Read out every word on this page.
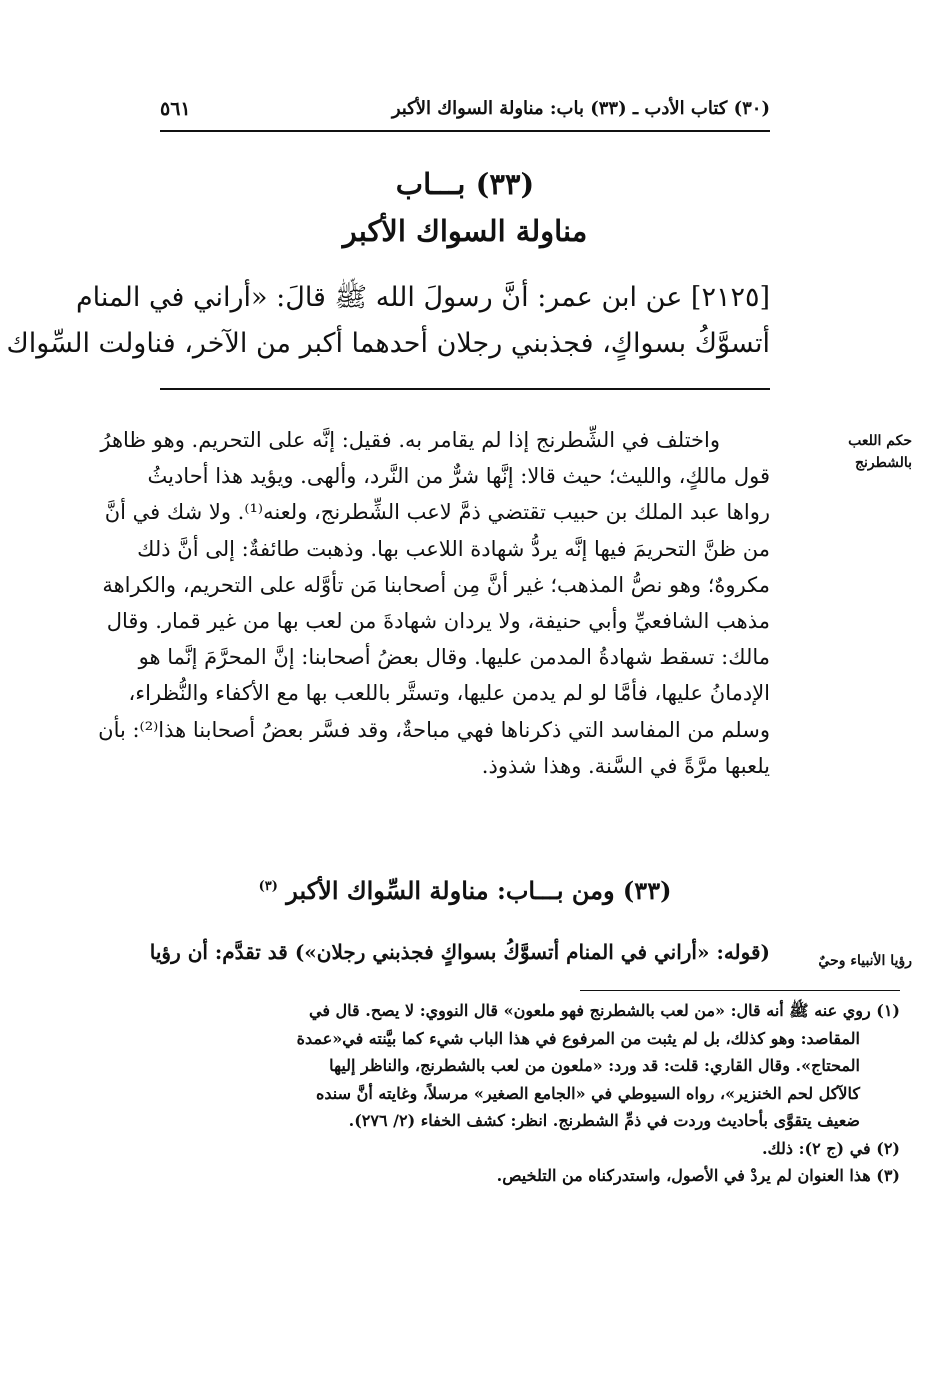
(٣٠) كتاب الأدب ـ (٣٣) باب: مناولة السواك الأكبر
٥٦١
(٣٣) بـــاب
مناولة السواك الأكبر
[٢١٢٥] عن ابن عمر: أنَّ رسولَ الله ﷺ قالَ: «أراني في المنام
أتسوَّكُ بسواكٍ، فجذبني رجلان أحدهما أكبر من الآخر، فناولت السِّواك
واختلف في الشِّطرنج إذا لم يقامر به. فقيل: إنَّه على التحريم. وهو ظاهرُ
قول مالكٍ، والليث؛ حيث قالا: إنَّها شرٌّ من النَّرد، وألهى. ويؤيد هذا أحاديثُ
رواها عبد الملك بن حبيب تقتضي ذمَّ لاعب الشِّطرنج، ولعنه⁽¹⁾. ولا شك في أنَّ
من ظنَّ التحريمَ فيها إنَّه يردُّ شهادة اللاعب بها. وذهبت طائفةٌ: إلى أنَّ ذلك
مكروهٌ؛ وهو نصُّ المذهب؛ غير أنَّ مِن أصحابنا مَن تأوَّله على التحريم، والكراهة
مذهب الشافعيِّ وأبي حنيفة، ولا يردان شهادةَ من لعب بها من غير قمار. وقال
مالك: تسقط شهادةُ المدمن عليها. وقال بعضُ أصحابنا: إنَّ المحرَّمَ إنَّما هو
الإدمانُ عليها، فأمَّا لو لم يدمن عليها، وتستَّر باللعب بها مع الأكفاء والنُّظراء،
وسلم من المفاسد التي ذكرناها فهي مباحةٌ، وقد فسَّر بعضُ أصحابنا هذا⁽²⁾: بأن
يلعبها مرَّةً في السَّنة. وهذا شذوذ.
حكم اللعب بالشطرنج
(٣٣) ومن بـــاب: مناولة السِّواك الأكبر $^{(٣)}$
(قوله: «أراني في المنام أتسوَّكُ بسواكٍ فجذبني رجلان») قد تقدَّم: أن رؤيا	رؤيا الأنبياء وحيٌ
(١) روي عنه ﷺ أنه قال: «من لعب بالشطرنج فهو ملعون» قال النووي: لا يصح. قال في
المقاصد: وهو كذلك، بل لم يثبت من المرفوع في هذا الباب شيء كما بيَّنته في«عمدة
المحتاج». وقال القاري: قلت: قد ورد: «ملعون من لعب بالشطرنج، والناظر إليها
كالآكل لحم الخنزير»، رواه السيوطي في «الجامع الصغير» مرسلاً، وغايته أنَّ سنده
ضعيف يتقوَّى بأحاديث وردت في ذمِّ الشطرنج. انظر: كشف الخفاء (٢/ ٢٧٦).
(٢) في (ج ٢): ذلك.
(٣) هذا العنوان لم يردْ في الأصول، واستدركناه من التلخيص.
